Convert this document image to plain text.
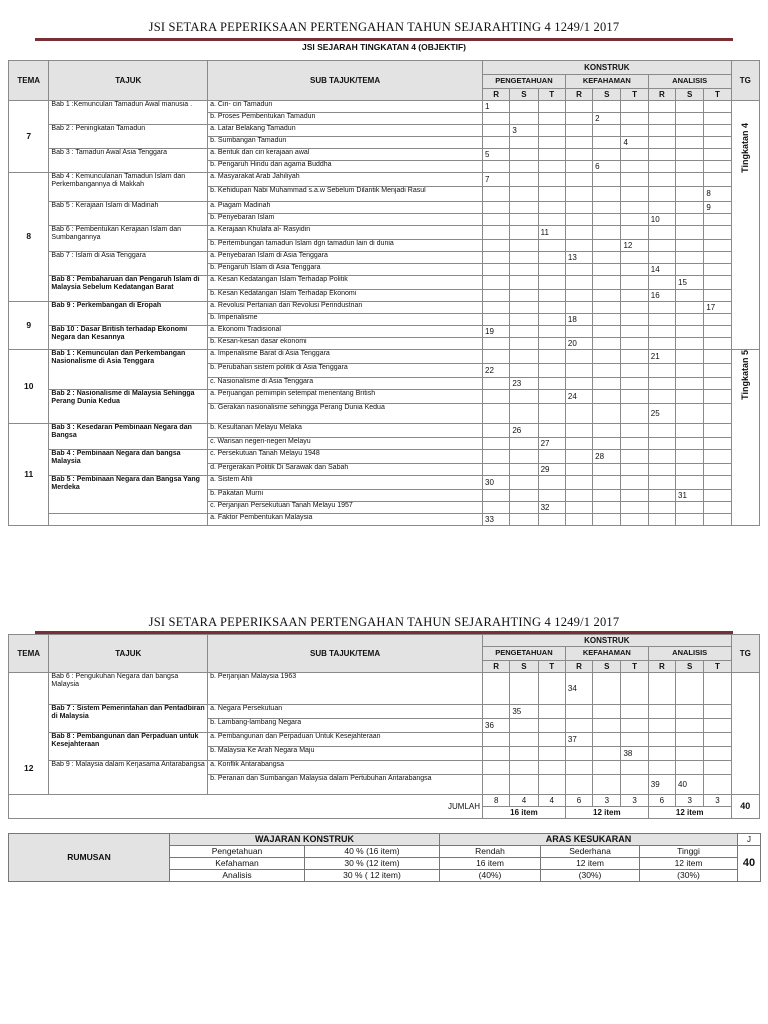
JSI SETARA PEPERIKSAAN PERTENGAHAN TAHUN SEJARAHTING 4 1249/1 2017
JSI SEJARAH TINGKATAN 4 (OBJEKTIF)
TEMA	TAJUK	SUB TAJUK/TEMA	KONSTRUK									TG
			PENGETAHUAN			KEFAHAMAN			ANALISIS			
			R	S	T	R	S	T	R	S	T	
7	Bab 1 :Kemunculan Tamadun Awal manusia .	a. Ciri- ciri Tamadun	1									Tingkatan 4
		b. Proses Pembentukan Tamadun					2					
	Bab 2 : Peningkatan Tamadun	a. Latar Belakang Tamadun		3								
		b. Sumbangan Tamadun						4				
	Bab 3 : Tamadun Awal Asia Tenggara	a. Bentuk dan ciri kerajaan awal	5									
		b. Pengaruh Hindu dan agama Buddha					6					
8	Bab 4 : Kemunculanan Tamadun Islam dan Perkembangannya di Makkah	a. Masyarakat Arab Jahiliyah	7									
		b. Kehidupan Nabi Muhammad s.a.w Sebelum Dilantik Menjadi Rasul									8	
	Bab 5 : Kerajaan Islam di Madinah	a. Piagam Madinah									9	
		b. Penyebaran Islam							10			
	Bab 6 : Pembentukan Kerajaan Islam dan Sumbangannya	a. Kerajaan Khulafa al- Rasyidin			11							
		b. Pertembungan tamadun Islam dgn tamadun lain di dunia						12				
	Bab 7 : Islam di Asia Tenggara	a. Penyebaran Islam di Asia Tenggara				13						
		b. Pengaruh Islam di Asia Tenggara							14			
	Bab 8 : Pembaharuan dan Pengaruh Islam di Malaysia Sebelum Kedatangan Barat	a. Kesan Kedatangan Islam Terhadap Politik								15		
		b. Kesan Kedatangan Islam Terhadap Ekonomi							16			
9	Bab 9 : Perkembangan di Eropah	a. Revolusi Pertanian dan Revolusi Perindustrian									17	
		b. Imperialisme				18						
	Bab 10 : Dasar British terhadap Ekonomi Negara dan Kesannya	a. Ekonomi Tradisional	19									
		b. Kesan-kesan dasar ekonomi				20						
10	Bab 1 : Kemunculan dan Perkembangan Nasionalisme di Asia Tenggara	a. Imperialisme Barat di Asia Tenggara							21			Tingkatan 5
		b. Perubahan sistem politik di Asia Tenggara	22									
		c. Nasionalisme di Asia Tenggara		23								
	Bab 2 : Nasionalisme di Malaysia Sehingga Perang Dunia Kedua	a. Perjuangan pemimpin setempat menentang British				24						
		b. Gerakan nasionalisme sehingga Perang Dunia Kedua							25			
11	Bab 3 : Kesedaran Pembinaan Negara dan Bangsa	b. Kesultanan Melayu Melaka		26								
		c. Warisan negeri-negeri Melayu			27							
	Bab 4 : Pembinaan Negara dan bangsa Malaysia	c. Persekutuan Tanah Melayu 1948					28					
		d. Pergerakan Politik Di Sarawak dan Sabah			29							
	Bab 5 : Pembinaan Negara dan Bangsa Yang Merdeka	a. Sistem Ahli	30									
		b. Pakatan Murni								31		
		c. Perjanjian Persekutuan Tanah Melayu 1957			32							
		a. Faktor Pembentukan Malaysia	33									
JSI SETARA PEPERIKSAAN PERTENGAHAN TAHUN SEJARAHTING 4 1249/1 2017
TEMA	TAJUK	SUB TAJUK/TEMA	KONSTRUK									TG
			PENGETAHUAN			KEFAHAMAN			ANALISIS			
			R	S	T	R	S	T	R	S	T	
12	Bab 6 : Pengukuhan Negara dan bangsa Malaysia	b. Perjanjian Malaysia 1963				34						
	Bab 7 : Sistem Pemerintahan dan Pentadbiran di Malaysia	a. Negara Persekutuan		35								
		b. Lambang-lambang Negara	36									
	Bab 8 : Pembangunan dan Perpaduan untuk Kesejahteraan	a. Pembangunan dan Perpaduan Untuk Kesejahteraan				37						
		b. Malaysia Ke Arah Negara Maju						38				
	Bab 9 : Malaysia dalam Kerjasama Antarabangsa	a. Konflik Antarabangsa										
		b. Peranan dan Sumbangan Malaysia dalam Pertubuhan Antarabangsa							39	40		
JUMLAH			8	4	4	6	3	3	6	3	3	40
			16 item			12 item			12 item			
RUMUSAN	WAJARAN KONSTRUK		ARAS KESUKARAN			J
	Pengetahuan	40 % (16 item)	Rendah	Sederhana	Tinggi	40
	Kefahaman	30 % (12 item)	16 item	12 item	12 item	
	Analisis	30 % ( 12 item)	(40%)	(30%)	(30%)	
